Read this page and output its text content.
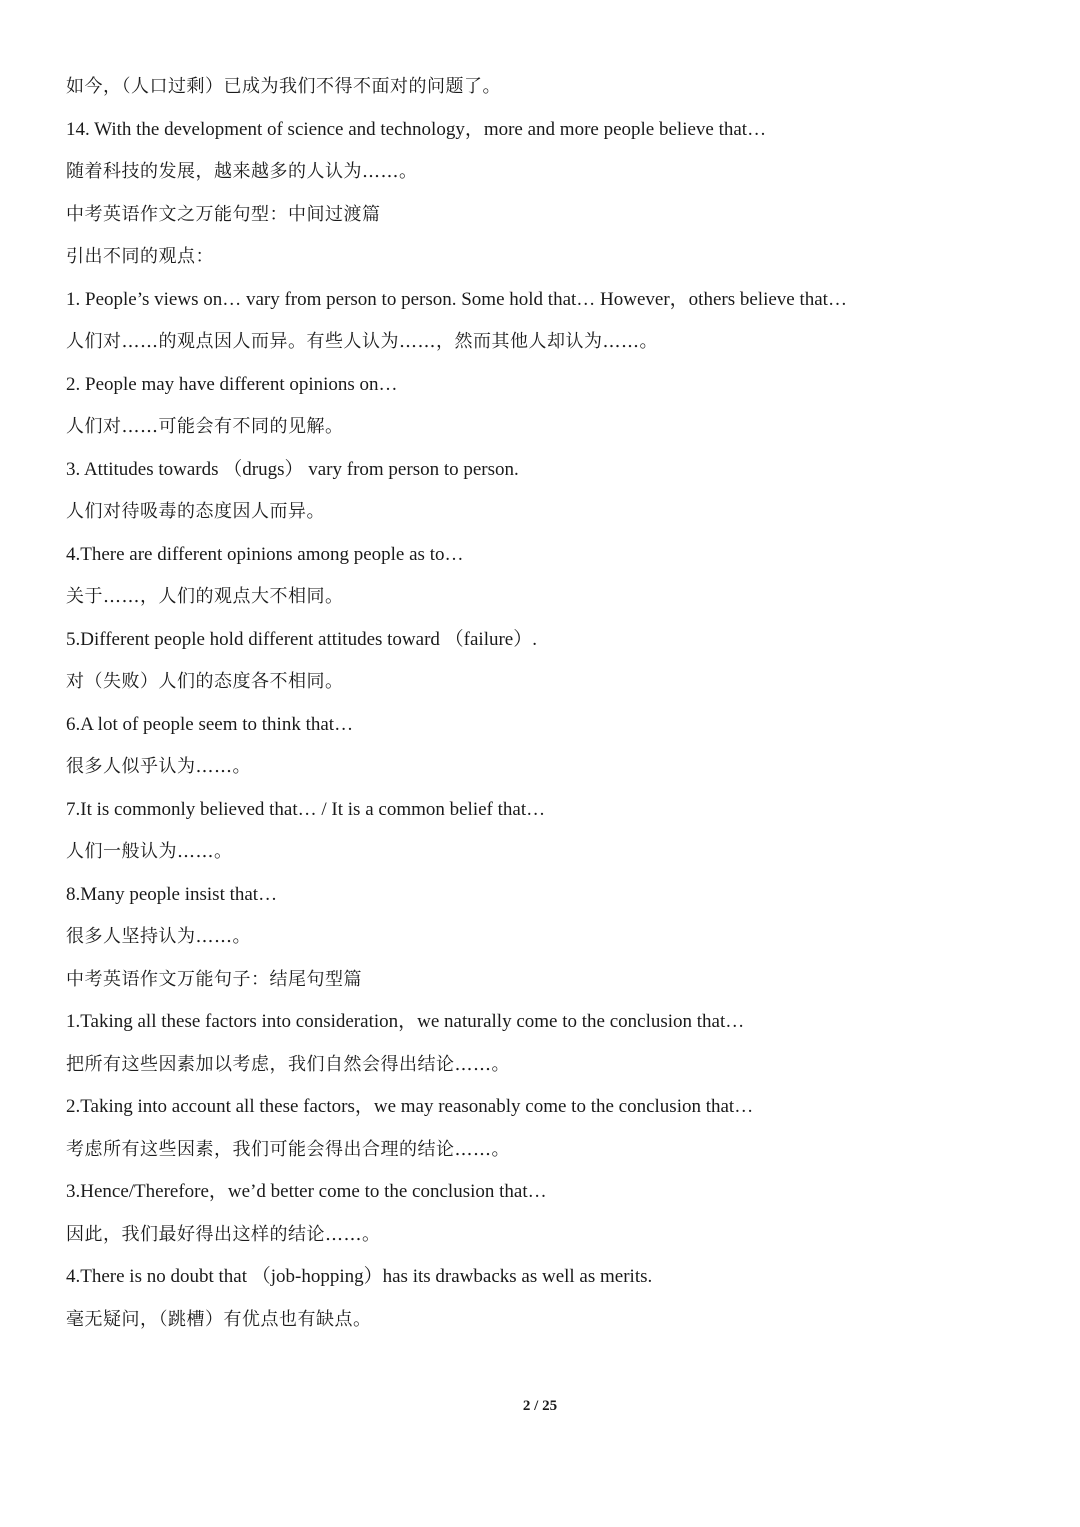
如今，（人口过剩）已成为我们不得不面对的问题了。
14. With the development of science and technology，more and more people believe that…
随着科技的发展，越来越多的人认为……。
中考英语作文之万能句型：中间过渡篇
引出不同的观点：
1. People’s views on… vary from person to person. Some hold that… However，others believe that…
人们对……的观点因人而异。有些人认为……，然而其他人却认为……。
2. People may have different opinions on…
人们对……可能会有不同的见解。
3. Attitudes towards （drugs） vary from person to person.
人们对待吸毒的态度因人而异。
4.There are different opinions among people as to…
关于……，人们的观点大不相同。
5.Different people hold different attitudes toward （failure）.
对（失败）人们的态度各不相同。
6.A lot of people seem to think that…
很多人似乎认为……。
7.It is commonly believed that… / It is a common belief that…
人们一般认为……。
8.Many people insist that…
很多人坚持认为……。
中考英语作文万能句子：结尾句型篇
1.Taking all these factors into consideration，we naturally come to the conclusion that…
把所有这些因素加以考虑，我们自然会得出结论……。
2.Taking into account all these factors，we may reasonably come to the conclusion that…
考虑所有这些因素，我们可能会得出合理的结论……。
3.Hence/Therefore，we’d better come to the conclusion that…
因此，我们最好得出这样的结论……。
4.There is no doubt that （job-hopping）has its drawbacks as well as merits.
毫无疑问，（跳槽）有优点也有缺点。
2 / 25
